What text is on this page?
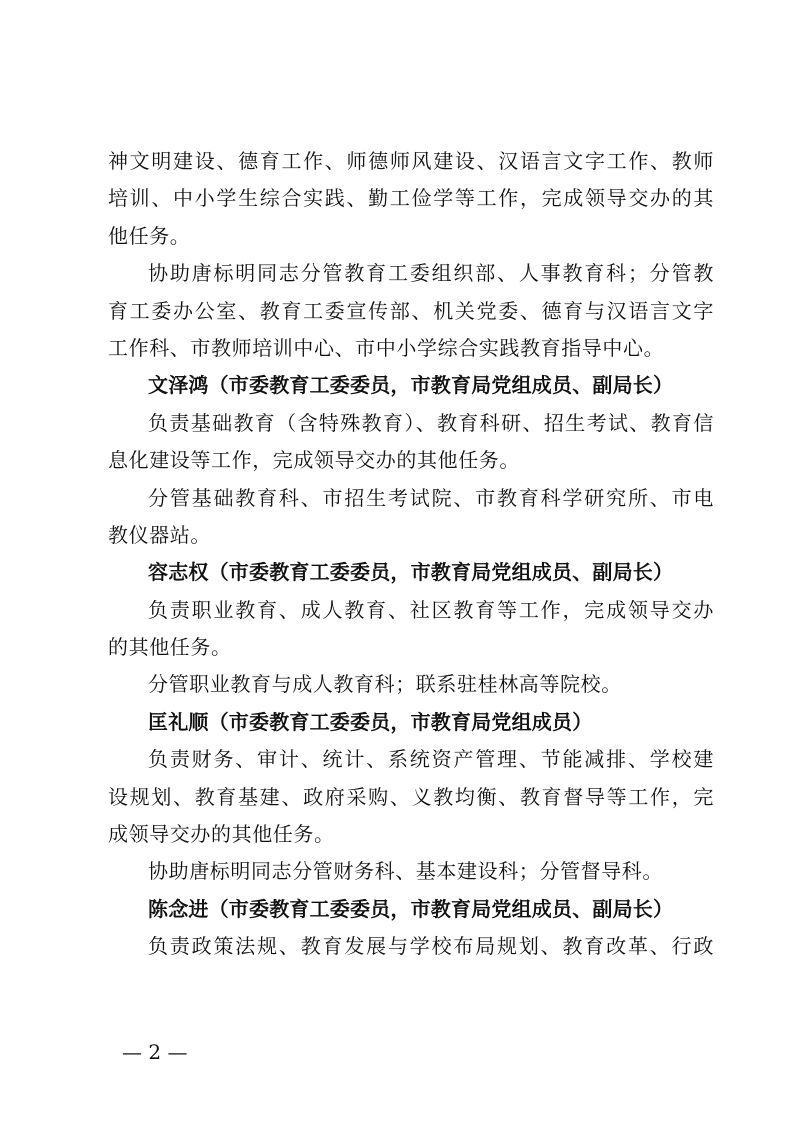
神文明建设、德育工作、师德师风建设、汉语言文字工作、教师
培训、中小学生综合实践、勤工俭学等工作，完成领导交办的其
他任务。
协助唐标明同志分管教育工委组织部、人事教育科；分管教
育工委办公室、教育工委宣传部、机关党委、德育与汉语言文字
工作科、市教师培训中心、市中小学综合实践教育指导中心。
文泽鸿（市委教育工委委员，市教育局党组成员、副局长）
负责基础教育（含特殊教育）、教育科研、招生考试、教育信
息化建设等工作，完成领导交办的其他任务。
分管基础教育科、市招生考试院、市教育科学研究所、市电
教仪器站。
容志权（市委教育工委委员，市教育局党组成员、副局长）
负责职业教育、成人教育、社区教育等工作，完成领导交办
的其他任务。
分管职业教育与成人教育科；联系驻桂林高等院校。
匡礼顺（市委教育工委委员，市教育局党组成员）
负责财务、审计、统计、系统资产管理、节能减排、学校建
设规划、教育基建、政府采购、义教均衡、教育督导等工作，完
成领导交办的其他任务。
协助唐标明同志分管财务科、基本建设科；分管督导科。
陈念进（市委教育工委委员，市教育局党组成员、副局长）
负责政策法规、教育发展与学校布局规划、教育改革、行政
— 2 —
